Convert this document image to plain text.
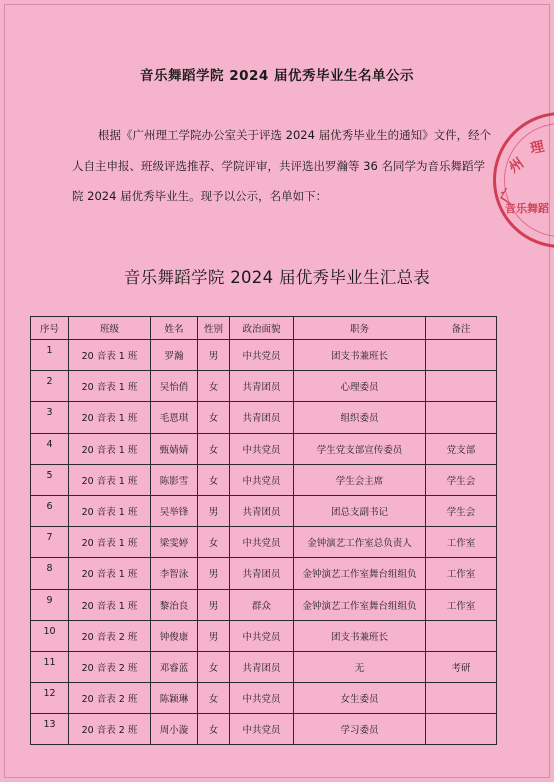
音乐舞蹈学院 2024 届优秀毕业生名单公示

根据《广州理工学院办公室关于评选 2024 届优秀毕业生的通知》文件，经个人自主申报、班级评选推荐、学院评审，共评选出罗瀚等 36 名同学为音乐舞蹈学院 2024 届优秀毕业生。现予以公示，名单如下：	广
州
理
音乐舞蹈
音乐舞蹈学院 2024 届优秀毕业生汇总表
序号	班级	姓名	性别	政治面貌	职务	备注
1	20 音表 1 班	罗瀚	男	中共党员	团支书兼班长	
2	20 音表 1 班	吴怡俏	女	共青团员	心理委员	
3	20 音表 1 班	毛恩琪	女	共青团员	组织委员	
4	20 音表 1 班	甄婧婧	女	中共党员	学生党支部宣传委员	党支部
5	20 音表 1 班	陈影雪	女	中共党员	学生会主席	学生会
6	20 音表 1 班	吴举锋	男	共青团员	团总支副书记	学生会
7	20 音表 1 班	梁雯婷	女	中共党员	金钟演艺工作室总负责人	工作室
8	20 音表 1 班	李智泳	男	共青团员	金钟演艺工作室舞台组组负	工作室
9	20 音表 1 班	黎治良	男	群众	金钟演艺工作室舞台组组负	工作室
10	20 音表 2 班	钟俊康	男	中共党员	团支书兼班长	
11	20 音表 2 班	邓睿蓝	女	共青团员	无	考研
12	20 音表 2 班	陈颖琳	女	中共党员	女生委员	
13	20 音表 2 班	周小漩	女	中共党员	学习委员	
